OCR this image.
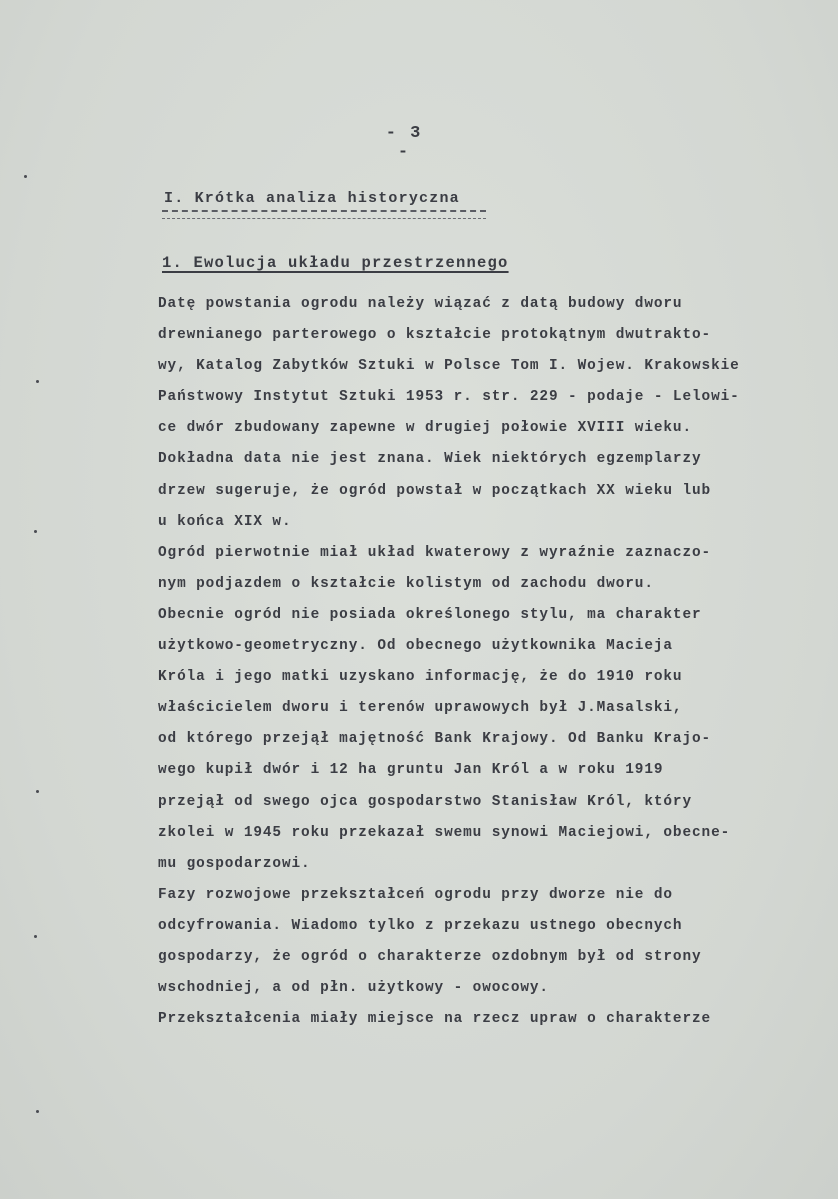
- 3 -
I. Krótka analiza historyczna
1. Ewolucja układu przestrzennego
Datę powstania ogrodu należy wiązać z datą budowy dworu
drewnianego parterowego o kształcie protokątnym dwutrakto-
wy, Katalog Zabytków Sztuki w Polsce Tom I. Wojew. Krakowskie
Państwowy Instytut Sztuki 1953 r. str. 229 - podaje - Lelowi-
ce dwór zbudowany zapewne w drugiej połowie XVIII wieku.
Dokładna data nie jest znana. Wiek niektórych egzemplarzy
drzew sugeruje, że ogród powstał w początkach XX wieku lub
u końca XIX w.
Ogród pierwotnie miał układ kwaterowy z wyraźnie zaznaczo-
nym podjazdem o kształcie kolistym od zachodu dworu.
Obecnie ogród nie posiada określonego stylu, ma charakter
użytkowo-geometryczny. Od obecnego użytkownika Macieja
Króla i jego matki uzyskano informację, że do 1910 roku
właścicielem dworu i terenów uprawowych był J.Masalski,
od którego przejął majętność Bank Krajowy. Od Banku Krajo-
wego kupił dwór i 12 ha gruntu Jan Król a w roku 1919
przejął od swego ojca gospodarstwo Stanisław Król, który
zkolei w 1945 roku przekazał swemu synowi Maciejowi, obecne-
mu gospodarzowi.
Fazy rozwojowe przekształceń ogrodu przy dworze nie do
odcyfrowania. Wiadomo tylko z przekazu ustnego obecnych
gospodarzy, że ogród o charakterze ozdobnym był od strony
wschodniej, a od płn. użytkowy - owocowy.
Przekształcenia miały miejsce na rzecz upraw o charakterze
